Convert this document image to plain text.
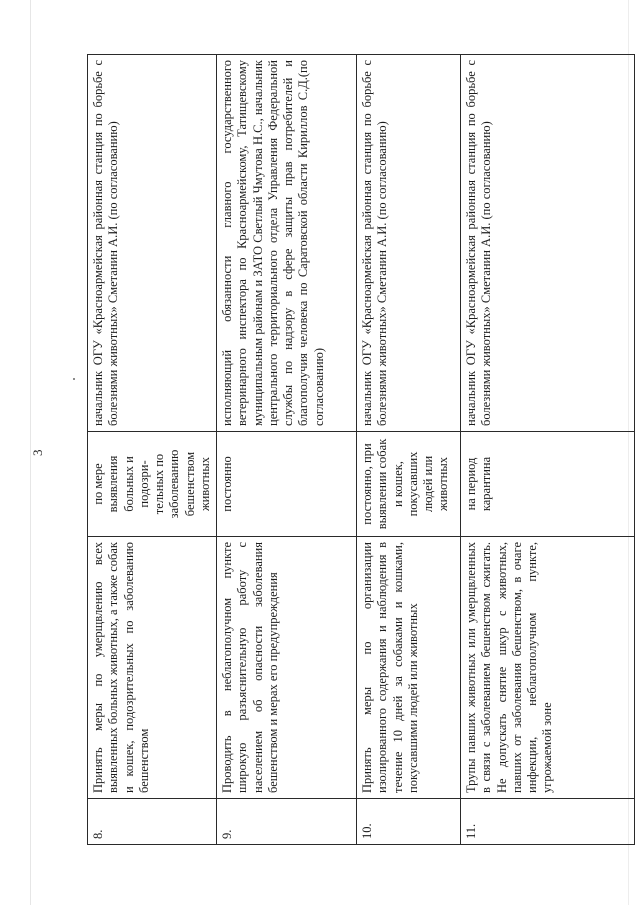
3
8.	Принять меры по умерщвлению всех выявленных больных животных, а также собак и кошек, подозрительных по заболеванию бешенством	по мере выявления больных и подозри- тельных по заболеванию бешенством животных	начальник ОГУ «Красноармейская районная станция по борьбе с болезнями животных» Сметанин А.И. (по согласованию)
9.	Проводить в неблагополучном пункте широкую разъяснительную работу с населением об опасности заболевания бешенством и мерах его предупреждения	постоянно	исполняющий обязанности главного государственного ветеринарного инспектора по Красноармейскому, Татищевскому муниципальным районам и ЗАТО Светлый Чмутова Н.С., начальник центрального территориального отдела Управления Федеральной службы по надзору в сфере защиты прав потребителей и благополучия человека по Саратовской области Кириллов С.Д.(по согласованию)
10.	Принять меры по организации изолированного содержания и наблюдения в течение 10 дней за собаками и кошками, покусавшими людей или животных	постоянно, при выявлении собак и кошек, покусавших людей или животных	начальник ОГУ «Красноармейская районная станция по борьбе с болезнями животных» Сметанин А.И. (по согласованию)
11.	Трупы павших животных или умерщвленных в связи с заболеванием бешенством сжигать. Не допускать снятие шкур с животных, павших от заболевания бешенством, в очаге инфекции, неблагополучном пункте, угрожаемой зоне	на период карантина	начальник ОГУ «Красноармейская районная станция по борьбе с болезнями животных» Сметанин А.И. (по согласованию)
